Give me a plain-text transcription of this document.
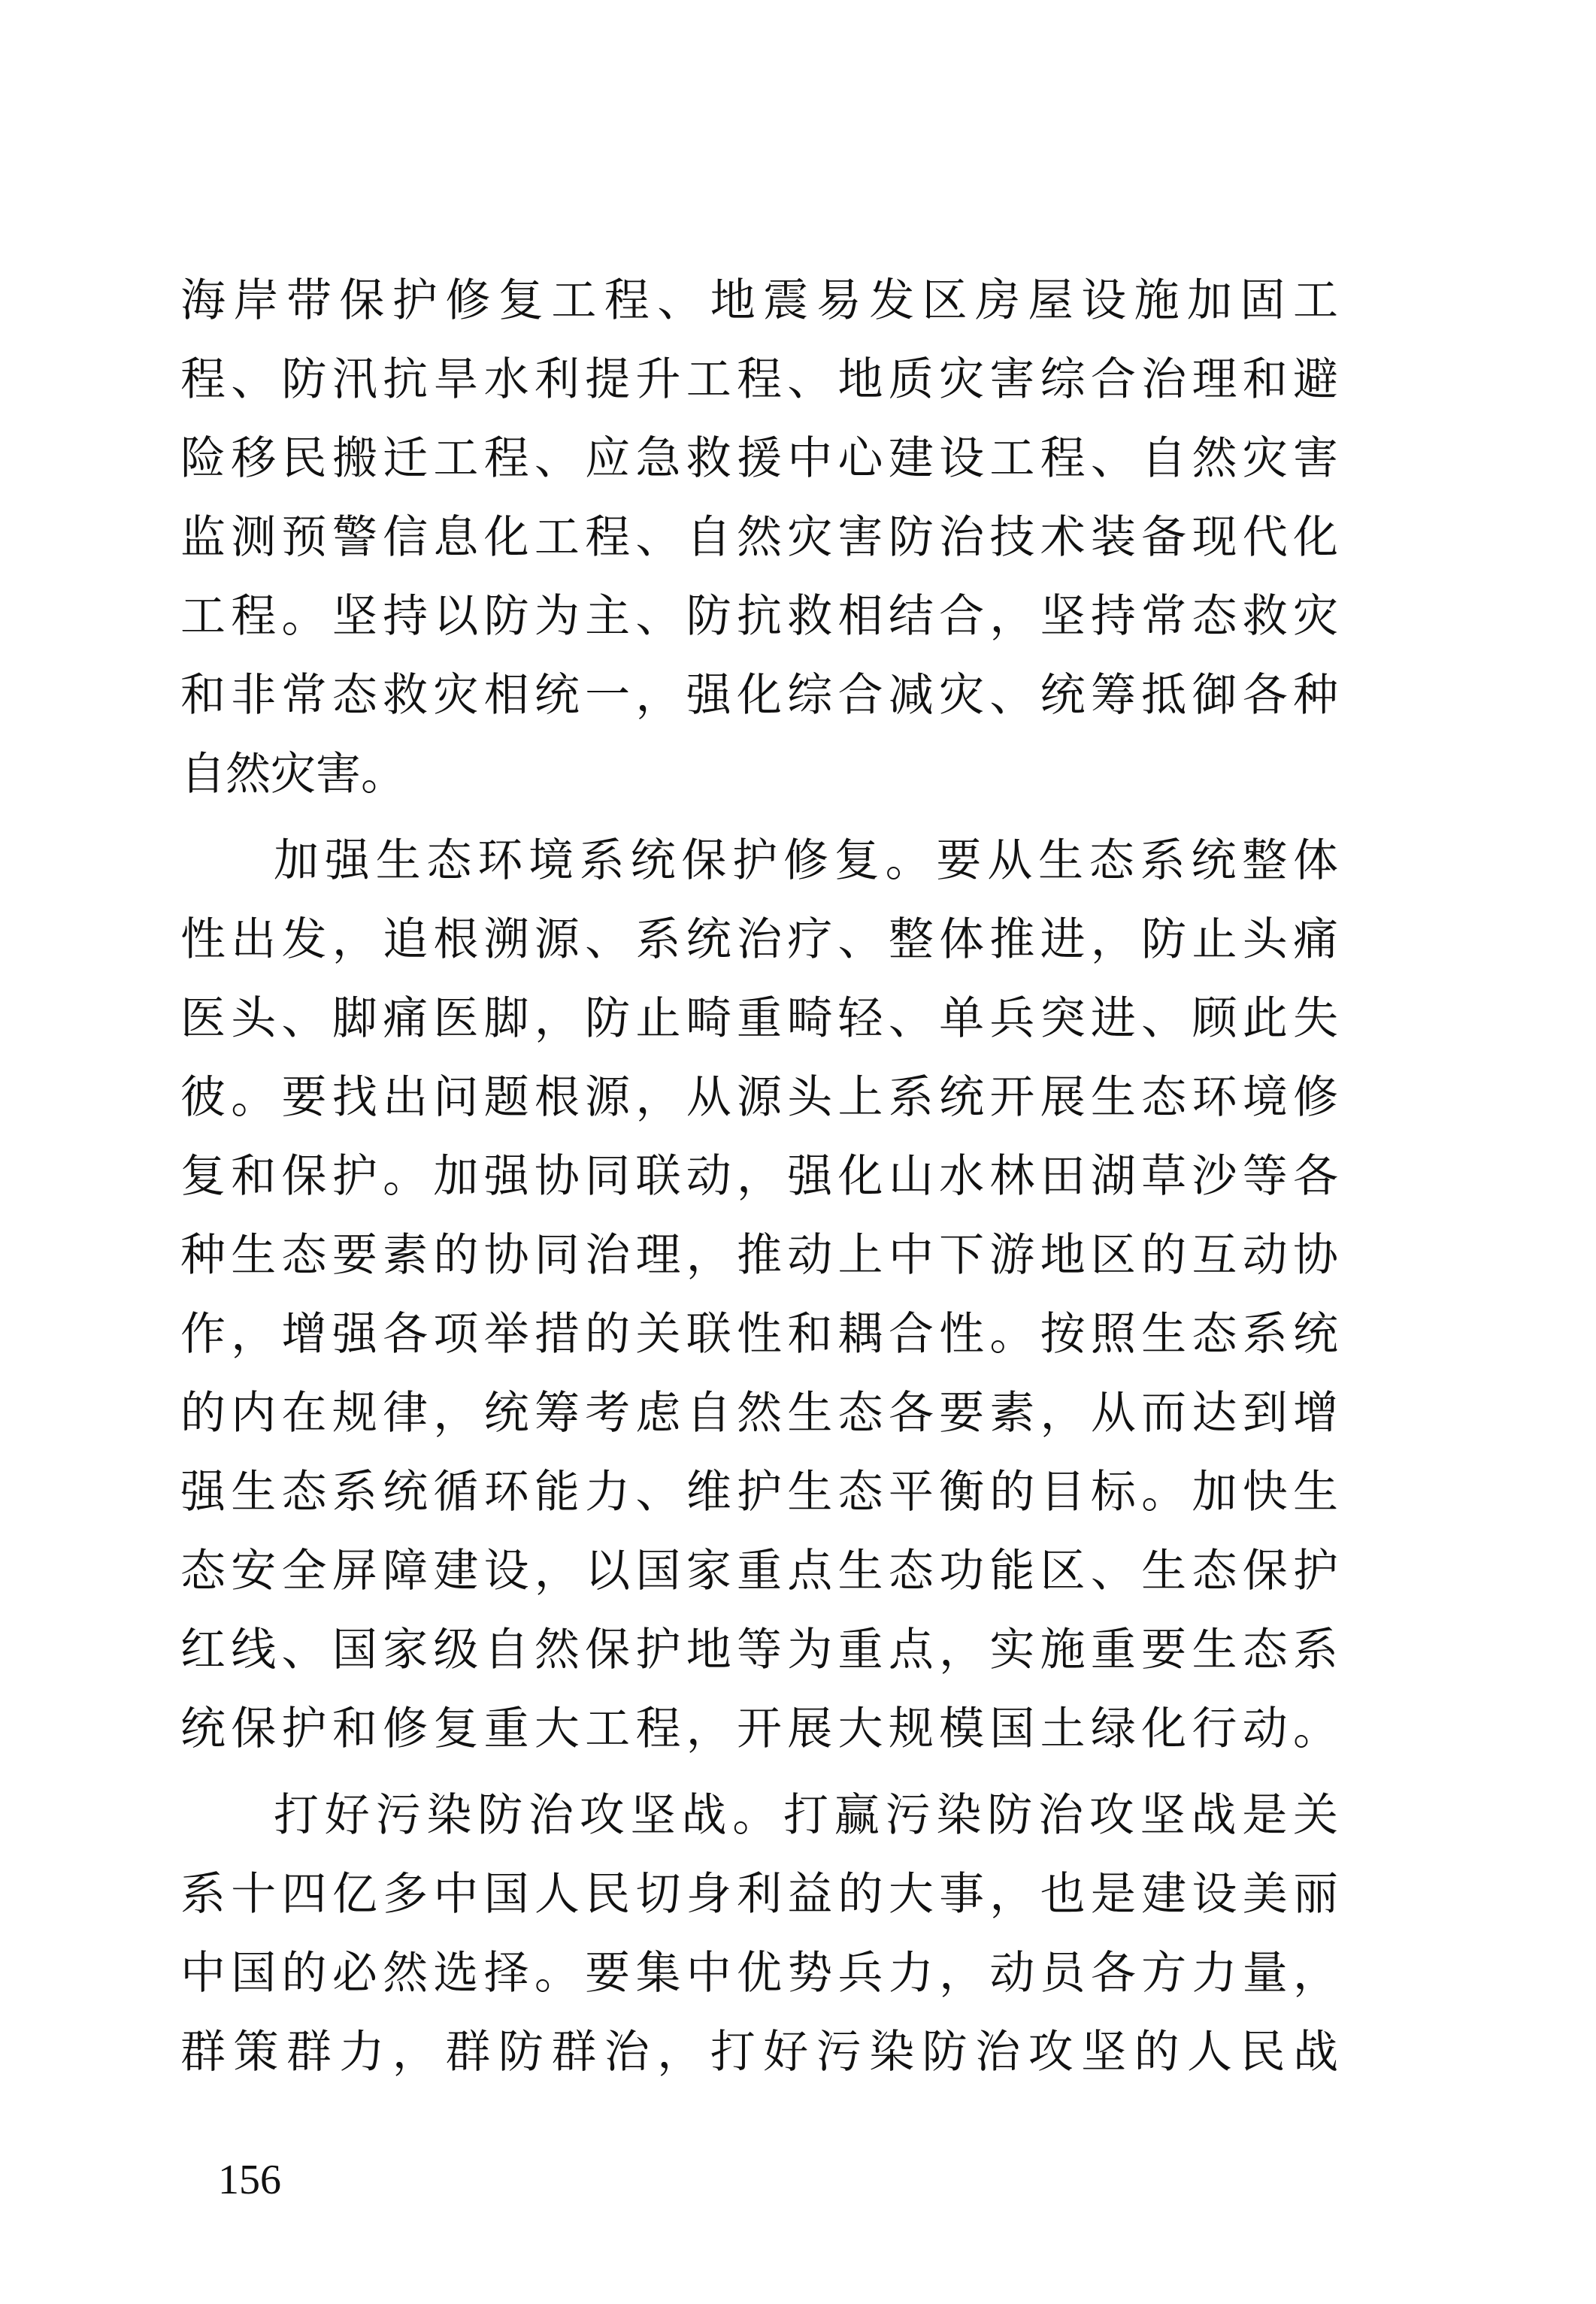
海岸带保护修复工程、地震易发区房屋设施加固工
程、防汛抗旱水利提升工程、地质灾害综合治理和避
险移民搬迁工程、应急救援中心建设工程、自然灾害
监测预警信息化工程、自然灾害防治技术装备现代化
工程。坚持以防为主、防抗救相结合，坚持常态救灾
和非常态救灾相统一，强化综合减灾、统筹抵御各种
自然灾害。
加强生态环境系统保护修复。要从生态系统整体
性出发，追根溯源、系统治疗、整体推进，防止头痛
医头、脚痛医脚，防止畸重畸轻、单兵突进、顾此失
彼。要找出问题根源，从源头上系统开展生态环境修
复和保护。加强协同联动，强化山水林田湖草沙等各
种生态要素的协同治理，推动上中下游地区的互动协
作，增强各项举措的关联性和耦合性。按照生态系统
的内在规律，统筹考虑自然生态各要素，从而达到增
强生态系统循环能力、维护生态平衡的目标。加快生
态安全屏障建设，以国家重点生态功能区、生态保护
红线、国家级自然保护地等为重点，实施重要生态系
统保护和修复重大工程，开展大规模国土绿化行动。
打好污染防治攻坚战。打赢污染防治攻坚战是关
系十四亿多中国人民切身利益的大事，也是建设美丽
中国的必然选择。要集中优势兵力，动员各方力量，
群策群力，群防群治，打好污染防治攻坚的人民战
156
